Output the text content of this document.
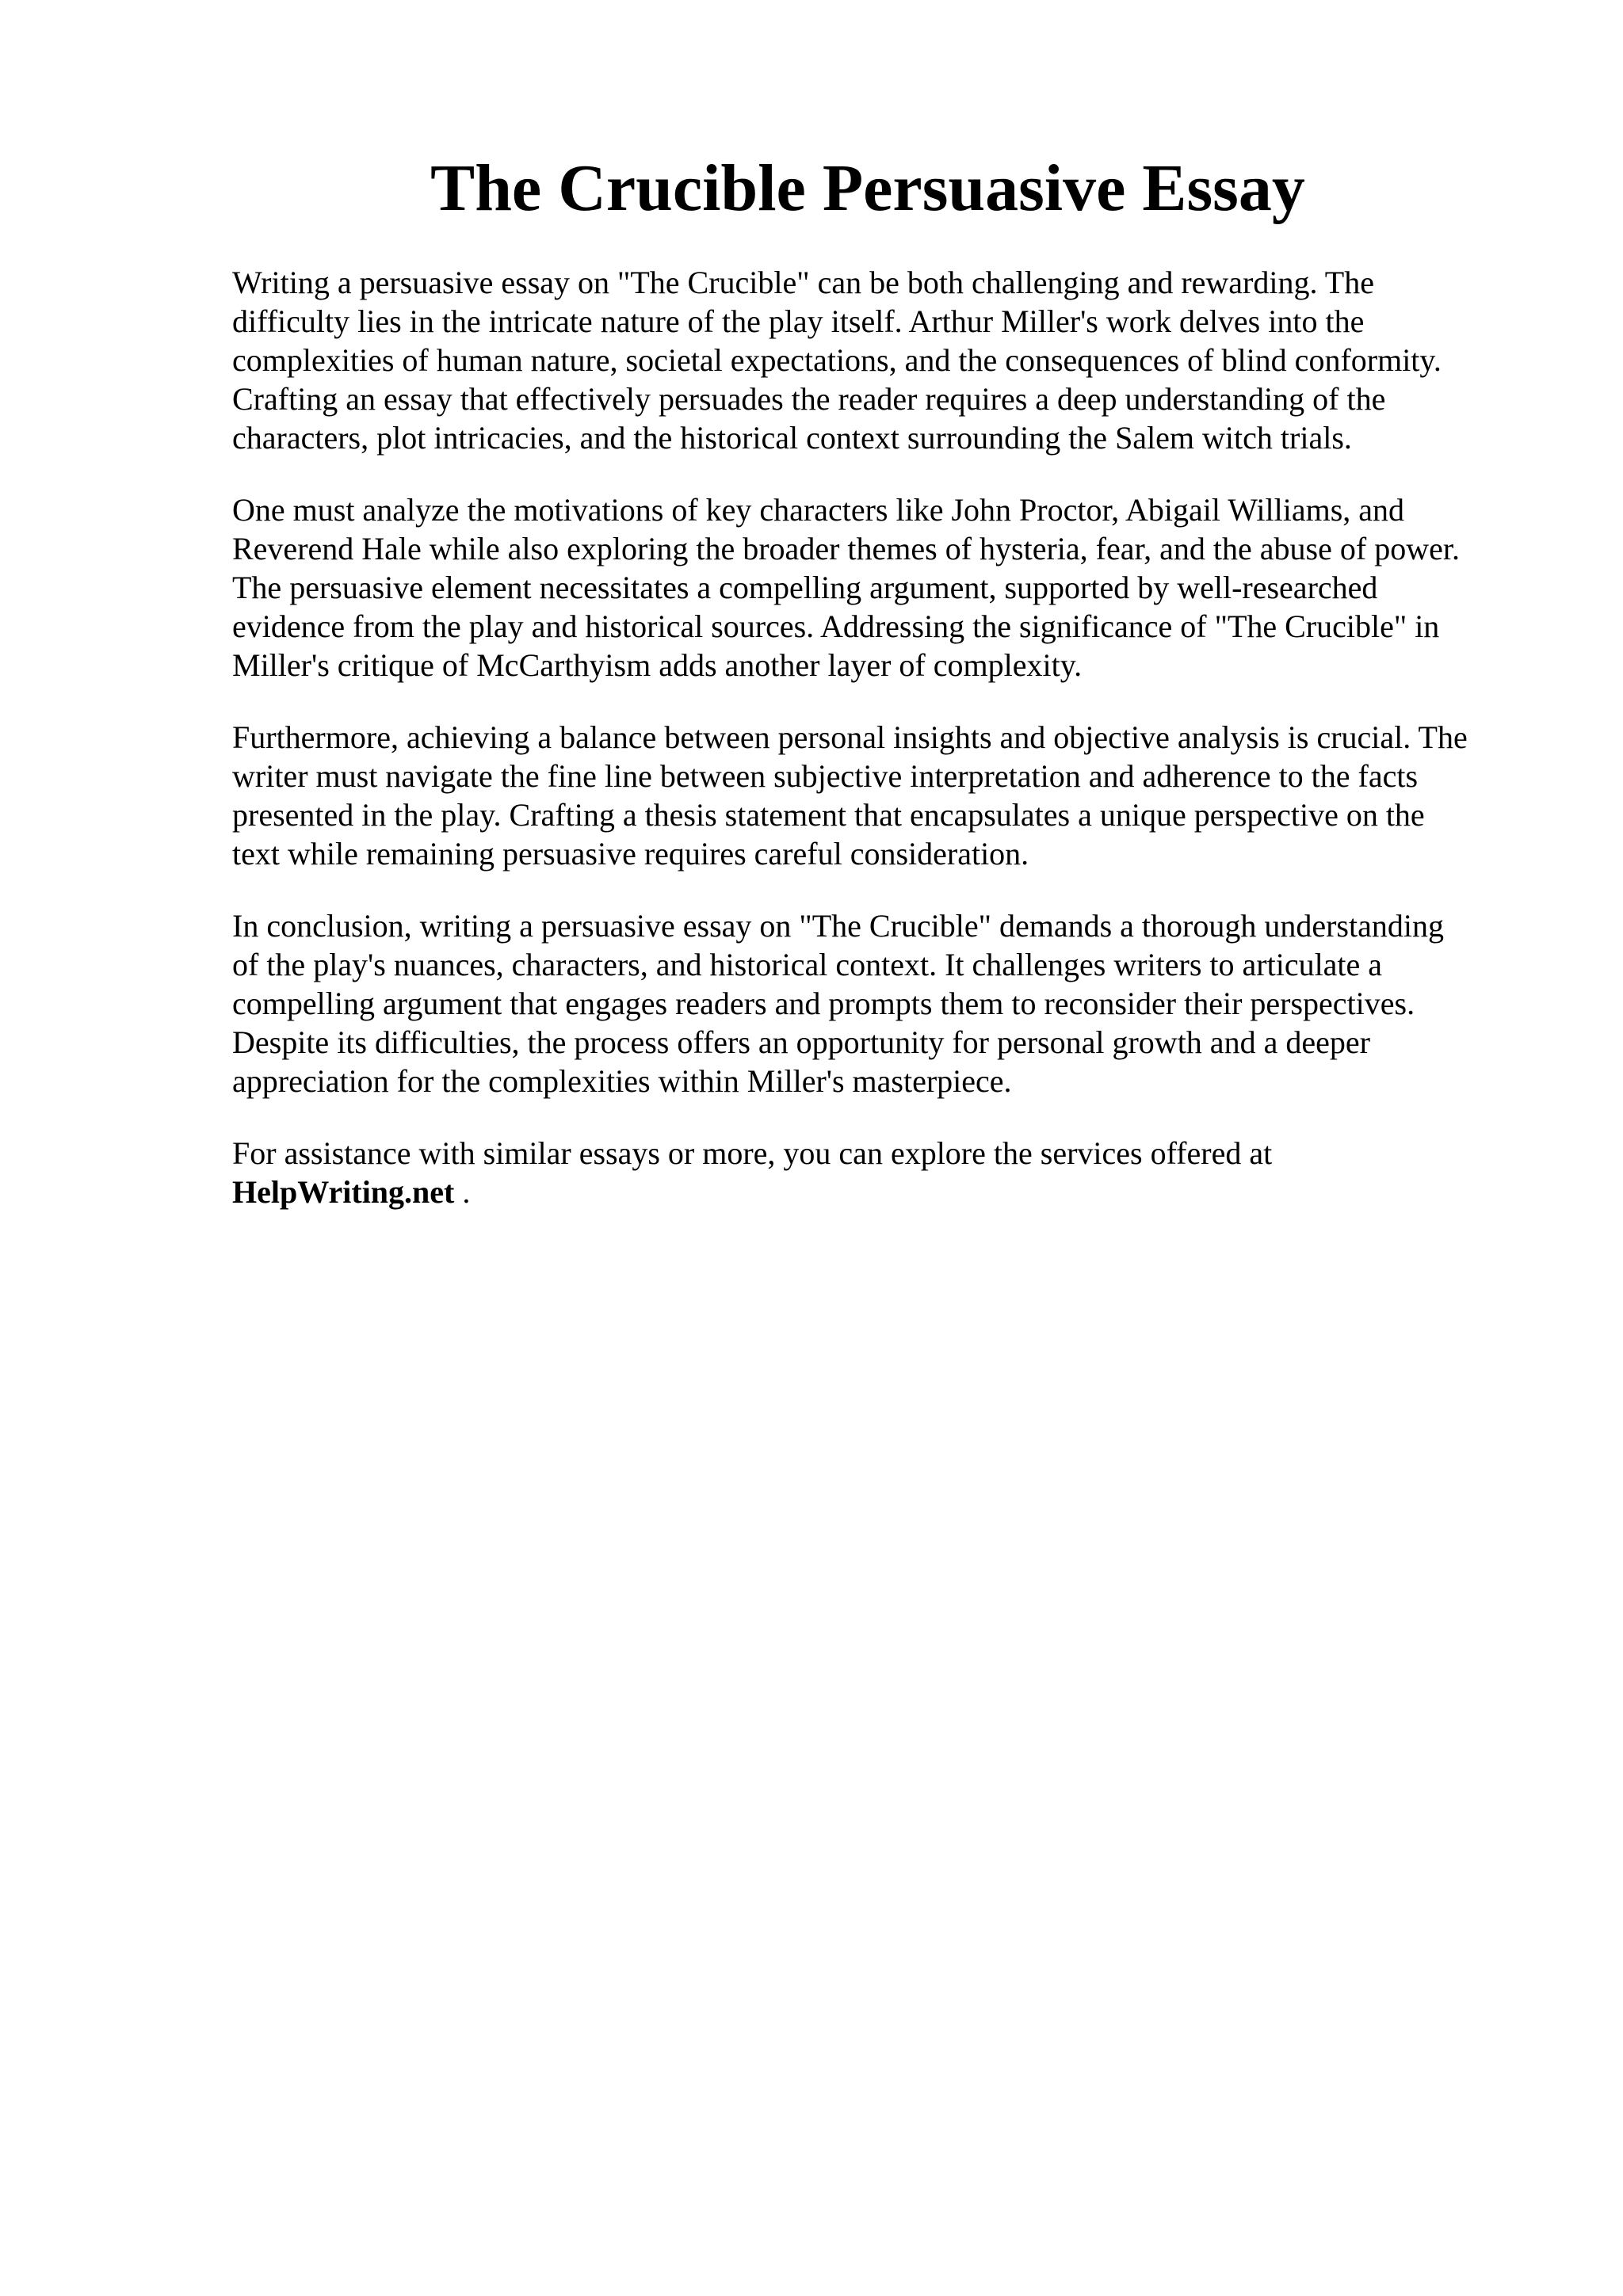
The Crucible Persuasive Essay

Writing a persuasive essay on "The Crucible" can be both challenging and rewarding. The
difficulty lies in the intricate nature of the play itself. Arthur Miller's work delves into the
complexities of human nature, societal expectations, and the consequences of blind conformity.
Crafting an essay that effectively persuades the reader requires a deep understanding of the
characters, plot intricacies, and the historical context surrounding the Salem witch trials.

One must analyze the motivations of key characters like John Proctor, Abigail Williams, and
Reverend Hale while also exploring the broader themes of hysteria, fear, and the abuse of power.
The persuasive element necessitates a compelling argument, supported by well-researched
evidence from the play and historical sources. Addressing the significance of "The Crucible" in
Miller's critique of McCarthyism adds another layer of complexity.

Furthermore, achieving a balance between personal insights and objective analysis is crucial. The
writer must navigate the fine line between subjective interpretation and adherence to the facts
presented in the play. Crafting a thesis statement that encapsulates a unique perspective on the
text while remaining persuasive requires careful consideration.

In conclusion, writing a persuasive essay on "The Crucible" demands a thorough understanding
of the play's nuances, characters, and historical context. It challenges writers to articulate a
compelling argument that engages readers and prompts them to reconsider their perspectives.
Despite its difficulties, the process offers an opportunity for personal growth and a deeper
appreciation for the complexities within Miller's masterpiece.

For assistance with similar essays or more, you can explore the services offered at
HelpWriting.net .
